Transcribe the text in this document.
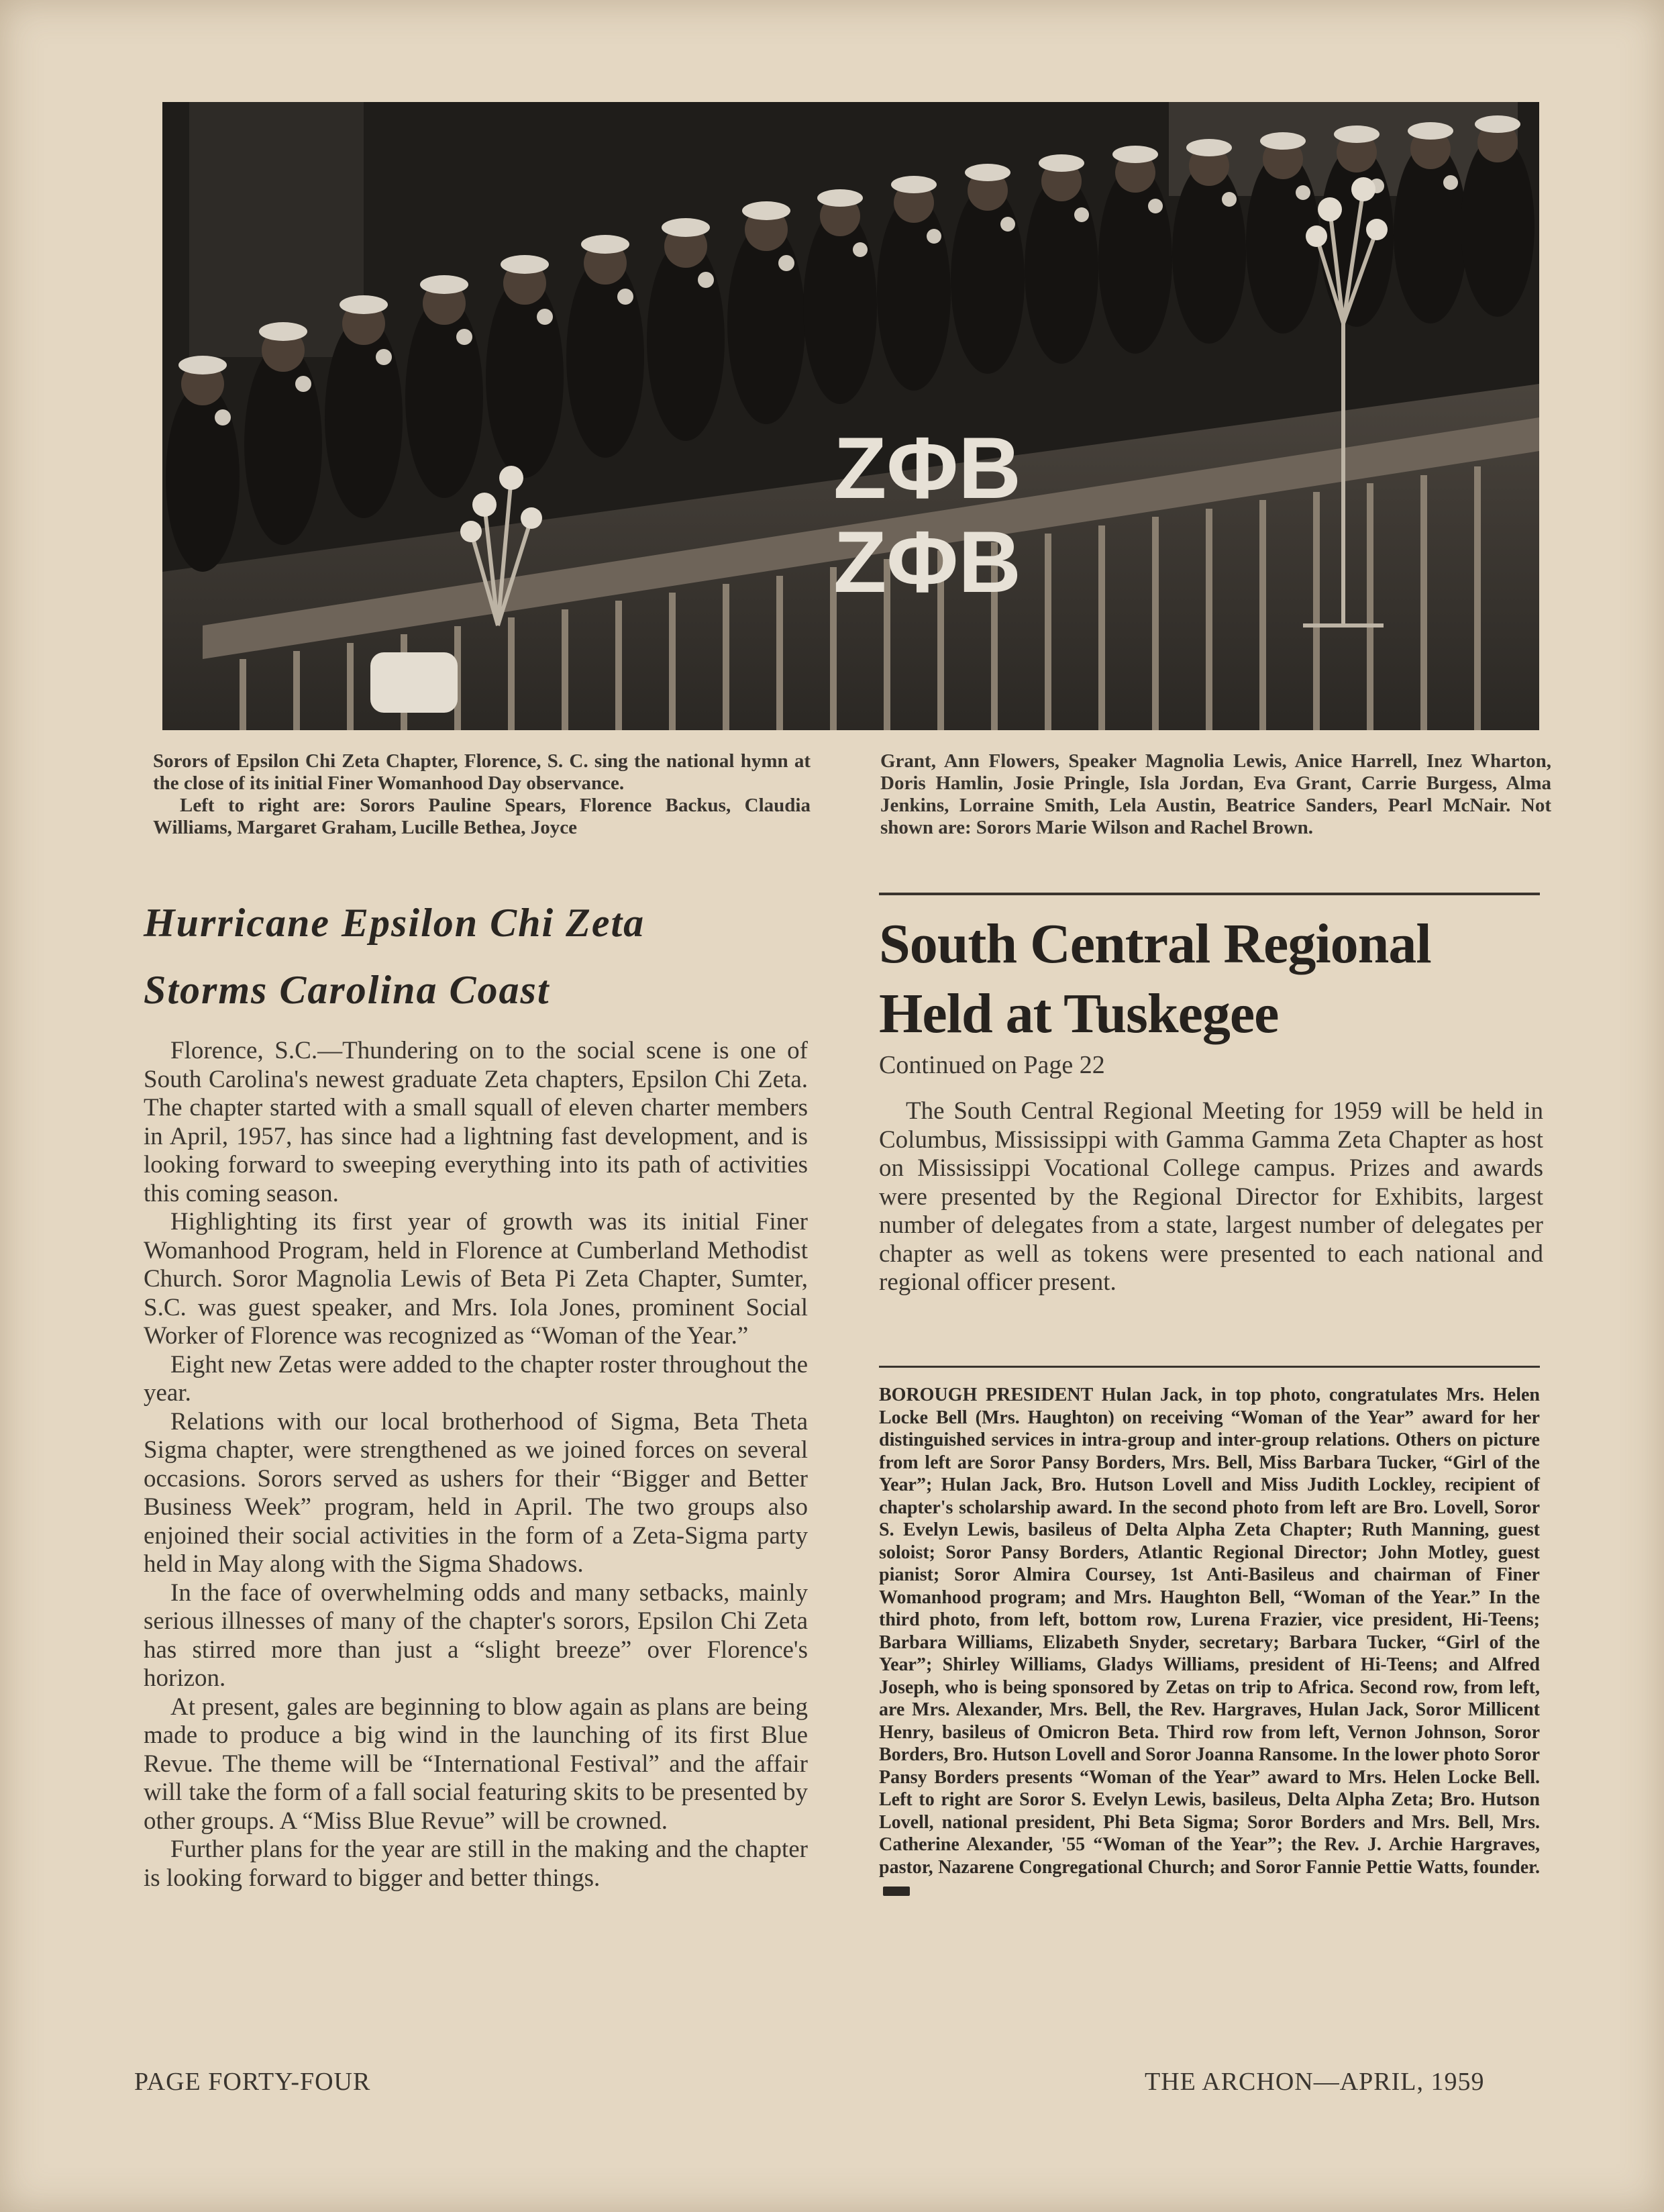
ZΦB
ZΦB

Sorors of Epsilon Chi Zeta Chapter, Florence, S. C. sing the national hymn at the close of its initial Finer Womanhood Day observance.

Left to right are: Sorors Pauline Spears, Florence Backus, Claudia Williams, Margaret Graham, Lucille Bethea, Joyce

Grant, Ann Flowers, Speaker Magnolia Lewis, Anice Harrell, Inez Wharton, Doris Hamlin, Josie Pringle, Isla Jordan, Eva Grant, Carrie Burgess, Alma Jenkins, Lorraine Smith, Lela Austin, Beatrice Sanders, Pearl McNair. Not shown are: Sorors Marie Wilson and Rachel Brown.

Hurricane Epsilon Chi Zeta
Storms Carolina Coast

Florence, S.C.—Thundering on to the social scene is one of South Carolina's newest graduate Zeta chapters, Epsilon Chi Zeta. The chapter started with a small squall of eleven charter members in April, 1957, has since had a lightning fast development, and is looking forward to sweeping everything into its path of activities this coming season.

Highlighting its first year of growth was its initial Finer Womanhood Program, held in Florence at Cumberland Methodist Church. Soror Magnolia Lewis of Beta Pi Zeta Chapter, Sumter, S.C. was guest speaker, and Mrs. Iola Jones, prominent Social Worker of Florence was recognized as “Woman of the Year.”

Eight new Zetas were added to the chapter roster throughout the year.

Relations with our local brotherhood of Sigma, Beta Theta Sigma chapter, were strengthened as we joined forces on several occasions. Sorors served as ushers for their “Bigger and Better Business Week” program, held in April. The two groups also enjoined their social activities in the form of a Zeta-Sigma party held in May along with the Sigma Shadows.

In the face of overwhelming odds and many setbacks, mainly serious illnesses of many of the chapter's sorors, Epsilon Chi Zeta has stirred more than just a “slight breeze” over Florence's horizon.

At present, gales are beginning to blow again as plans are being made to produce a big wind in the launching of its first Blue Revue. The theme will be “International Festival” and the affair will take the form of a fall social featuring skits to be presented by other groups. A “Miss Blue Revue” will be crowned.

Further plans for the year are still in the making and the chapter is looking forward to bigger and better things.

South Central Regional
Held at Tuskegee
Continued on Page 22

The South Central Regional Meeting for 1959 will be held in Columbus, Mississippi with Gamma Gamma Zeta Chapter as host on Mississippi Vocational College campus. Prizes and awards were presented by the Regional Director for Exhibits, largest number of delegates from a state, largest number of delegates per chapter as well as tokens were presented to each national and regional officer present.

BOROUGH PRESIDENT Hulan Jack, in top photo, congratulates Mrs. Helen Locke Bell (Mrs. Haughton) on receiving “Woman of the Year” award for her distinguished services in intra-group and inter-group relations. Others on picture from left are Soror Pansy Borders, Mrs. Bell, Miss Barbara Tucker, “Girl of the Year”; Hulan Jack, Bro. Hutson Lovell and Miss Judith Lockley, recipient of chapter's scholarship award. In the second photo from left are Bro. Lovell, Soror S. Evelyn Lewis, basileus of Delta Alpha Zeta Chapter; Ruth Manning, guest soloist; Soror Pansy Borders, Atlantic Regional Director; John Motley, guest pianist; Soror Almira Coursey, 1st Anti-Basileus and chairman of Finer Womanhood program; and Mrs. Haughton Bell, “Woman of the Year.” In the third photo, from left, bottom row, Lurena Frazier, vice president, Hi-Teens; Barbara Williams, Elizabeth Snyder, secretary; Barbara Tucker, “Girl of the Year”; Shirley Williams, Gladys Williams, president of Hi-Teens; and Alfred Joseph, who is being sponsored by Zetas on trip to Africa. Second row, from left, are Mrs. Alexander, Mrs. Bell, the Rev. Hargraves, Hulan Jack, Soror Millicent Henry, basileus of Omicron Beta. Third row from left, Vernon Johnson, Soror Borders, Bro. Hutson Lovell and Soror Joanna Ransome. In the lower photo Soror Pansy Borders presents “Woman of the Year” award to Mrs. Helen Locke Bell. Left to right are Soror S. Evelyn Lewis, basileus, Delta Alpha Zeta; Bro. Hutson Lovell, national president, Phi Beta Sigma; Soror Borders and Mrs. Bell, Mrs. Catherine Alexander, '55 “Woman of the Year”; the Rev. J. Archie Hargraves, pastor, Nazarene Congregational Church; and Soror Fannie Pettie Watts, founder.

PAGE FORTY-FOUR	THE ARCHON—APRIL, 1959
